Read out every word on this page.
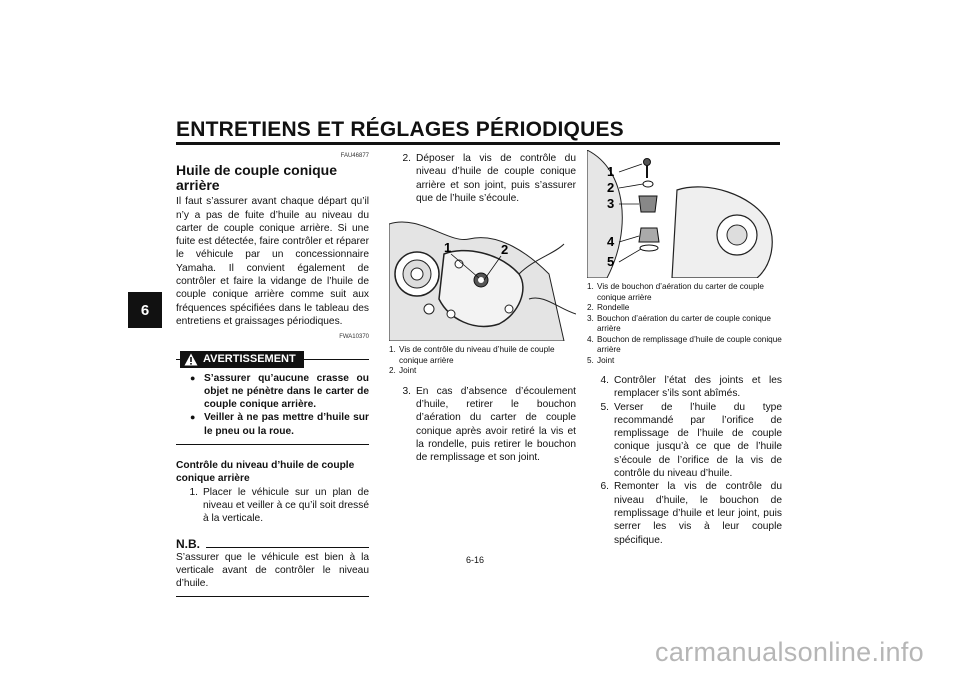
ENTRETIENS ET RÉGLAGES PÉRIODIQUES
6
FAU46877
Huile de couple conique arrière

Il faut s’assurer avant chaque départ qu’il n’y a pas de fuite d’huile au niveau du carter de couple conique arrière. Si une fuite est détectée, faire contrôler et réparer le véhicule par un concessionnaire Yamaha. Il convient également de contrôler et faire la vidange de l’huile de couple conique arrière comme suit aux fréquences spécifiées dans le tableau des entretiens et graissages périodiques.

FWA10370
AVERTISSEMENT
● S’assurer qu’aucune crasse ou objet ne pénètre dans le carter de couple conique arrière.
● Veiller à ne pas mettre d’huile sur le pneu ou la roue.
Contrôle du niveau d’huile de couple conique arrière
1. Placer le véhicule sur un plan de niveau et veiller à ce qu’il soit dressé à la verticale.
N.B.

S’assurer que le véhicule est bien à la verticale avant de contrôler le niveau d’huile.

2. Déposer la vis de contrôle du niveau d’huile de couple conique arrière et son joint, puis s’assurer que de l’huile s’écoule.
1	2
1. Vis de contrôle du niveau d’huile de couple conique arrière
2. Joint
3. En cas d’absence d’écoulement d’huile, retirer le bouchon d’aération du carter de couple conique après avoir retiré la vis et la rondelle, puis retirer le bouchon de remplissage et son joint.
1
2
3
4
5
1. Vis de bouchon d’aération du carter de couple conique arrière
2. Rondelle
3. Bouchon d’aération du carter de couple conique arrière
4. Bouchon de remplissage d’huile de couple conique arrière
5. Joint
4. Contrôler l’état des joints et les remplacer s’ils sont abîmés.
5. Verser de l’huile du type recommandé par l’orifice de remplissage de l’huile de couple conique jusqu’à ce que de l’huile s’écoule de l’orifice de la vis de contrôle du niveau d’huile.
6. Remonter la vis de contrôle du niveau d’huile, le bouchon de remplissage d’huile et leur joint, puis serrer les vis à leur couple spécifique.
6-16
carmanualsonline.info
